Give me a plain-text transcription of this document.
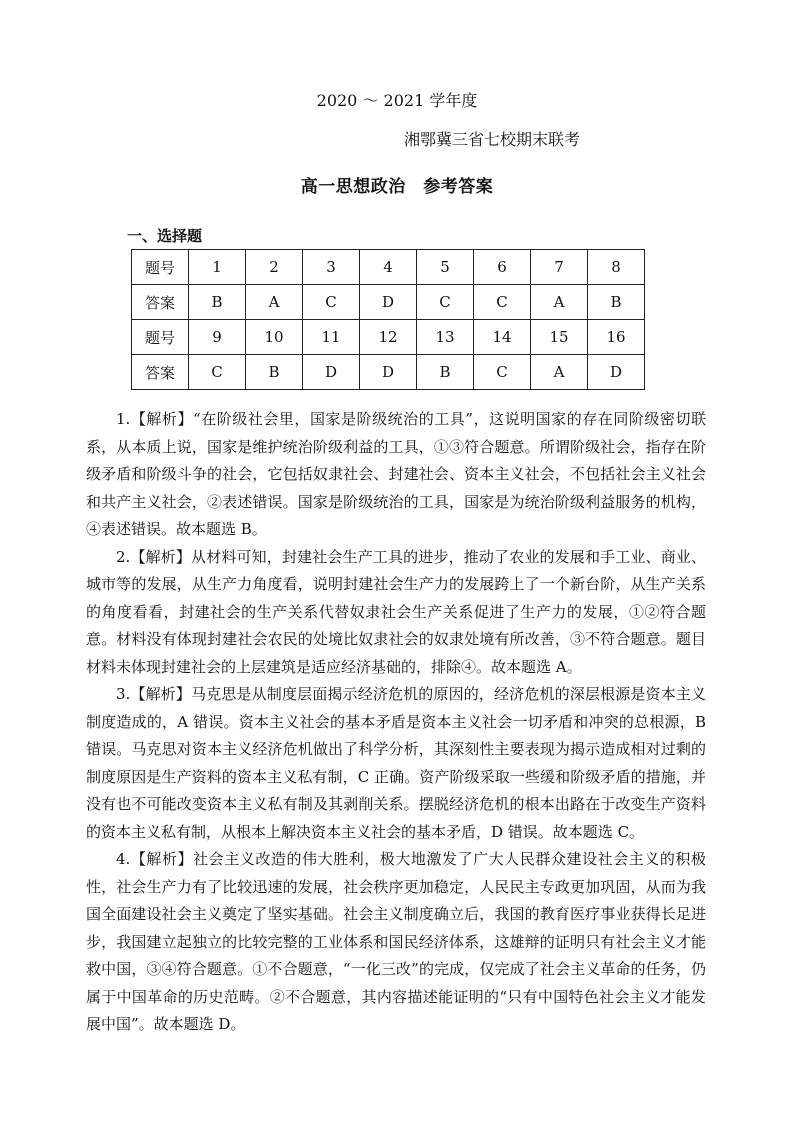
2020 ～ 2021 学年度
湘鄂冀三省七校期末联考
高一思想政治　参考答案
一、选择题
题号	1	2	3	4	5	6	7	8
答案	B	A	C	D	C	C	A	B
题号	9	10	11	12	13	14	15	16
答案	C	B	D	D	B	C	A	D

1.【解析】“在阶级社会里，国家是阶级统治的工具”，这说明国家的存在同阶级密切联系，从本质上说，国家是维护统治阶级利益的工具，①③符合题意。所谓阶级社会，指存在阶级矛盾和阶级斗争的社会，它包括奴隶社会、封建社会、资本主义社会，不包括社会主义社会和共产主义社会，②表述错误。国家是阶级统治的工具，国家是为统治阶级利益服务的机构，④表述错误。故本题选 B。

2.【解析】从材料可知，封建社会生产工具的进步，推动了农业的发展和手工业、商业、城市等的发展，从生产力角度看，说明封建社会生产力的发展跨上了一个新台阶，从生产关系的角度看看，封建社会的生产关系代替奴隶社会生产关系促进了生产力的发展，①②符合题意。材料没有体现封建社会农民的处境比奴隶社会的奴隶处境有所改善，③不符合题意。题目材料未体现封建社会的上层建筑是适应经济基础的，排除④。故本题选 A。

3.【解析】马克思是从制度层面揭示经济危机的原因的，经济危机的深层根源是资本主义制度造成的，A 错误。资本主义社会的基本矛盾是资本主义社会一切矛盾和冲突的总根源，B 错误。马克思对资本主义经济危机做出了科学分析，其深刻性主要表现为揭示造成相对过剩的制度原因是生产资料的资本主义私有制，C 正确。资产阶级采取一些缓和阶级矛盾的措施，并没有也不可能改变资本主义私有制及其剥削关系。摆脱经济危机的根本出路在于改变生产资料的资本主义私有制，从根本上解决资本主义社会的基本矛盾，D 错误。故本题选 C。

4.【解析】社会主义改造的伟大胜利，极大地激发了广大人民群众建设社会主义的积极性，社会生产力有了比较迅速的发展，社会秩序更加稳定，人民民主专政更加巩固，从而为我国全面建设社会主义奠定了坚实基础。社会主义制度确立后，我国的教育医疗事业获得长足进步，我国建立起独立的比较完整的工业体系和国民经济体系，这雄辩的证明只有社会主义才能救中国，③④符合题意。①不合题意，“一化三改”的完成，仅完成了社会主义革命的任务，仍属于中国革命的历史范畴。②不合题意，其内容描述能证明的“只有中国特色社会主义才能发展中国”。故本题选 D。
